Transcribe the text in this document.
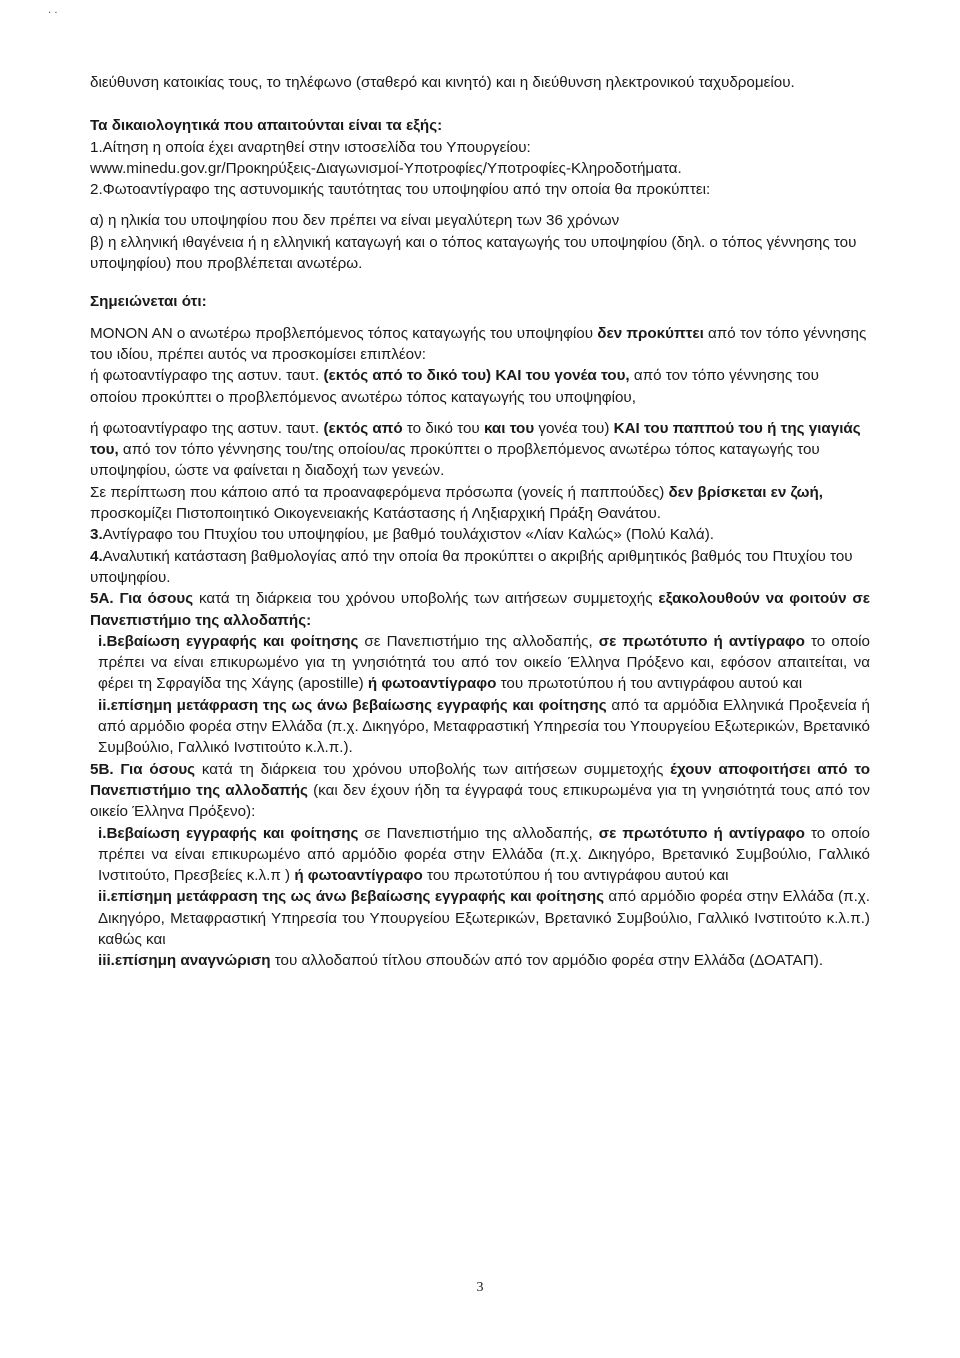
· ·

διεύθυνση κατοικίας τους, το τηλέφωνο (σταθερό και κινητό) και η διεύθυνση ηλεκτρονικού ταχυδρομείου.

Τα δικαιολογητικά που απαιτούνται είναι τα εξής:

1.Αίτηση η οποία έχει αναρτηθεί στην ιστοσελίδα του Υπουργείου:

www.minedu.gov.gr/Προκηρύξεις-Διαγωνισμοί-Υποτροφίες/Υποτροφίες-Κληροδοτήματα.

2.Φωτοαντίγραφο της αστυνομικής ταυτότητας του υποψηφίου από την οποία θα προκύπτει:

α) η ηλικία του υποψηφίου που δεν πρέπει να είναι μεγαλύτερη των 36 χρόνων

β) η ελληνική ιθαγένεια ή η ελληνική καταγωγή και ο τόπος καταγωγής του υποψηφίου (δηλ. ο τόπος γέννησης του υποψηφίου) που προβλέπεται ανωτέρω.

Σημειώνεται ότι:

ΜΟΝΟΝ ΑΝ ο ανωτέρω προβλεπόμενος τόπος καταγωγής του υποψηφίου δεν προκύπτει από τον τόπο γέννησης του ιδίου, πρέπει αυτός να προσκομίσει επιπλέον:

ή φωτοαντίγραφο της αστυν. ταυτ. (εκτός από το δικό του) ΚΑΙ του γονέα του, από τον τόπο γέννησης του οποίου προκύπτει ο προβλεπόμενος ανωτέρω τόπος καταγωγής του υποψηφίου,

ή φωτοαντίγραφο της αστυν. ταυτ. (εκτός από το δικό του και του γονέα του) ΚΑΙ του παππού του ή της γιαγιάς του, από τον τόπο γέννησης του/της οποίου/ας προκύπτει ο προβλεπόμενος ανωτέρω τόπος καταγωγής του υποψηφίου, ώστε να φαίνεται η διαδοχή των γενεών.

Σε περίπτωση που κάποιο από τα προαναφερόμενα πρόσωπα (γονείς ή παππούδες) δεν βρίσκεται εν ζωή, προσκομίζει Πιστοποιητικό Οικογενειακής Κατάστασης ή Ληξιαρχική Πράξη Θανάτου.

3.Αντίγραφο του Πτυχίου του υποψηφίου, με βαθμό τουλάχιστον «Λίαν Καλώς» (Πολύ Καλά).

4.Αναλυτική κατάσταση βαθμολογίας από την οποία θα προκύπτει ο ακριβής αριθμητικός βαθμός του Πτυχίου του υποψηφίου.

5Α. Για όσους κατά τη διάρκεια του χρόνου υποβολής των αιτήσεων συμμετοχής εξακολουθούν να φοιτούν σε Πανεπιστήμιο της αλλοδαπής:

i.Βεβαίωση εγγραφής και φοίτησης σε Πανεπιστήμιο της αλλοδαπής, σε πρωτότυπο ή αντίγραφο το οποίο πρέπει να είναι επικυρωμένο για τη γνησιότητά του από τον οικείο Έλληνα Πρόξενο και, εφόσον απαιτείται, να φέρει τη Σφραγίδα της Χάγης (apostille) ή φωτοαντίγραφο του πρωτοτύπου ή του αντιγράφου αυτού και

ii.επίσημη μετάφραση της ως άνω βεβαίωσης εγγραφής και φοίτησης από τα αρμόδια Ελληνικά Προξενεία ή από αρμόδιο φορέα στην Ελλάδα (π.χ. Δικηγόρο, Μεταφραστική Υπηρεσία του Υπουργείου Εξωτερικών, Βρετανικό Συμβούλιο, Γαλλικό Ινστιτούτο κ.λ.π.).

5Β. Για όσους κατά τη διάρκεια του χρόνου υποβολής των αιτήσεων συμμετοχής έχουν αποφοιτήσει από το Πανεπιστήμιο της αλλοδαπής (και δεν έχουν ήδη τα έγγραφά τους επικυρωμένα για τη γνησιότητά τους από τον οικείο Έλληνα Πρόξενο):

i.Βεβαίωση εγγραφής και φοίτησης σε Πανεπιστήμιο της αλλοδαπής, σε πρωτότυπο ή αντίγραφο το οποίο πρέπει να είναι επικυρωμένο από αρμόδιο φορέα στην Ελλάδα (π.χ. Δικηγόρο, Βρετανικό Συμβούλιο, Γαλλικό Ινστιτούτο, Πρεσβείες κ.λ.π ) ή φωτοαντίγραφο του πρωτοτύπου ή του αντιγράφου αυτού και

ii.επίσημη μετάφραση της ως άνω βεβαίωσης εγγραφής και φοίτησης από αρμόδιο φορέα στην Ελλάδα (π.χ. Δικηγόρο, Μεταφραστική Υπηρεσία του Υπουργείου Εξωτερικών, Βρετανικό Συμβούλιο, Γαλλικό Ινστιτούτο κ.λ.π.) καθώς και

iii.επίσημη αναγνώριση του αλλοδαπού τίτλου σπουδών από τον αρμόδιο φορέα στην Ελλάδα (ΔΟΑΤΑΠ).

3
